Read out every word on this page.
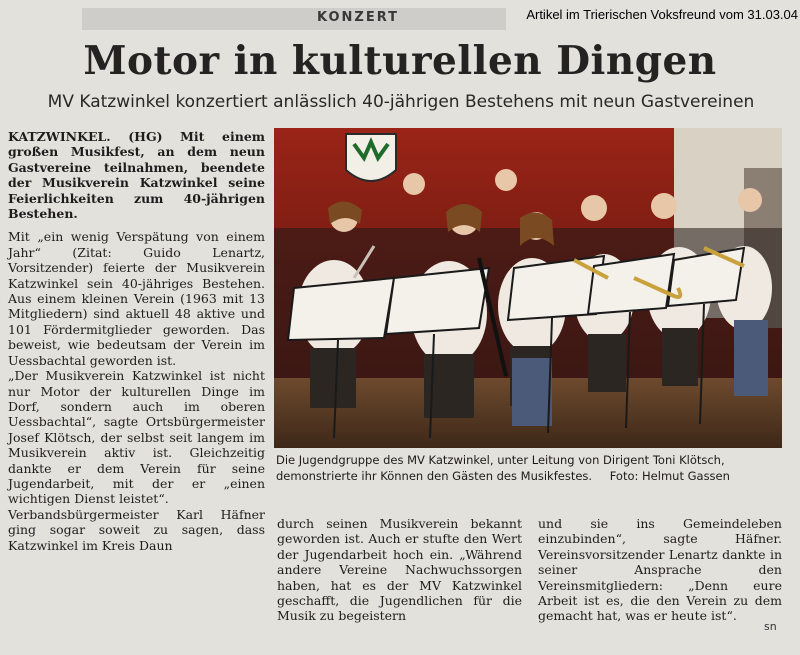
KONZERT	Artikel im Trierischen Voksfreund vom 31.03.04
Motor in kulturellen Dingen
MV Katzwinkel konzertiert anlässlich 40-jährigen Bestehens mit neun Gastvereinen

KATZWINKEL. (HG) Mit einem großen Musikfest, an dem neun Gastvereine teilnahmen, beendete der Musikverein Katzwinkel seine Feierlichkeiten zum 40-jährigen Bestehen.

Mit „ein wenig Verspätung von einem Jahr“ (Zitat: Guido Lenartz, Vorsitzender) feierte der Musikverein Katzwinkel sein 40-jähriges Bestehen. Aus einem kleinen Verein (1963 mit 13 Mitgliedern) sind aktuell 48 aktive und 101 Fördermitglieder geworden. Das beweist, wie bedeutsam der Verein im Uessbachtal geworden ist.

„Der Musikverein Katzwinkel ist nicht nur Motor der kulturellen Dinge im Dorf, sondern auch im oberen Uessbachtal“, sagte Ortsbürgermeister Josef Klötsch, der selbst seit langem im Musikverein aktiv ist. Gleichzeitig dankte er dem Verein für seine Jugendarbeit, mit der er „einen wichtigen Dienst leistet“.

Verbandsbürgermeister Karl Häfner ging sogar soweit zu sagen, dass Katzwinkel im Kreis Daun

Die Jugendgruppe des MV Katzwinkel, unter Leitung von Dirigent Toni Klötsch, demonstrierte ihr Können den Gästen des Musikfestes. Foto: Helmut Gassen

durch seinen Musikverein bekannt geworden ist. Auch er stufte den Wert der Jugendarbeit hoch ein. „Während andere Vereine Nachwuchssorgen haben, hat es der MV Katzwinkel geschafft, die Jugendlichen für die Musik zu begeistern

und sie ins Gemeindeleben einzubinden“, sagte Häfner. Vereinsvorsitzender Lenartz dankte in seiner Ansprache den Vereinsmitgliedern: „Denn eure Arbeit ist es, die den Verein zu dem gemacht hat, was er heute ist“.

sn
